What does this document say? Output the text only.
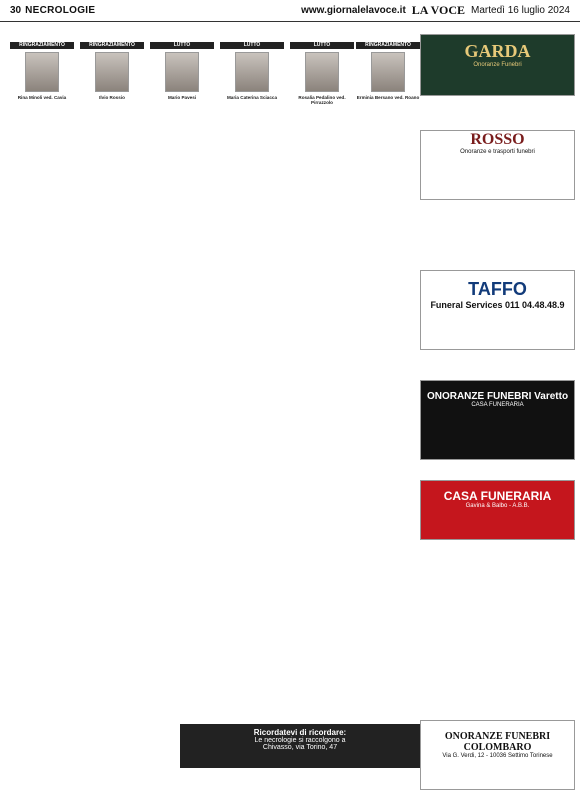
30 NECROLOGIE	www.giornalelavoce.it LA VOCE Martedì 16 luglio 2024
RINGRAZIAMENTO
Rina Minoli ved. Cavia
RINGRAZIAMENTO
Ilvio Rossio
LUTTO
Mario Pavesi
LUTTO
Maria Caterina Sciacca
LUTTO
Rosalia Pedalino ved. Pirrazzolo
RINGRAZIAMENTO
Erminia Bersano ved. Roano
GARDA
Onoranze Funebri
ROSSO
Onoranze e trasporti funebri
TAFFO
Funeral Services 011 04.48.48.9
ONORANZE FUNEBRI Varetto
CASA FUNERARIA
CASA FUNERARIA
Gavina & Balbo - A.B.B.
ONORANZE FUNEBRI COLOMBARO
Via G. Verdi, 12 - 10036 Settimo Torinese
Ricordatevi di ricordare:
Le necrologie si raccolgono a
Chivasso, via Torino, 47
